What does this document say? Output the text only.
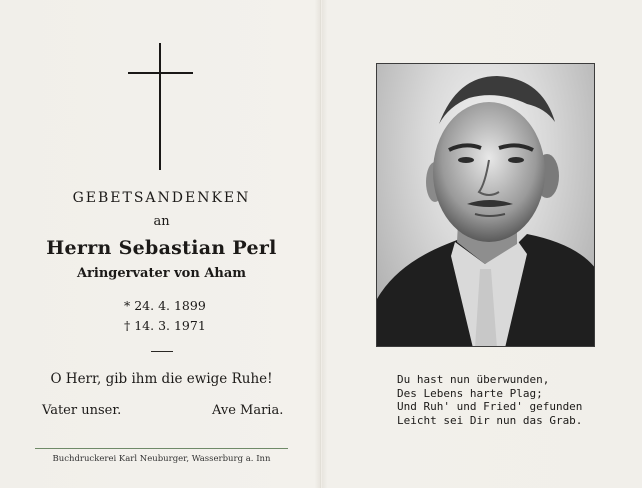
GEBETSANDENKEN
an
Herrn Sebastian Perl
Aringervater von Aham
* 24. 4. 1899
† 14. 3. 1971
O Herr, gib ihm die ewige Ruhe!
Vater unser.	Ave Maria.
Buchdruckerei Karl Neuburger, Wasserburg a. Inn
Du hast nun überwunden,
Des Lebens harte Plag;
Und Ruh' und Fried' gefunden
Leicht sei Dir nun das Grab.
